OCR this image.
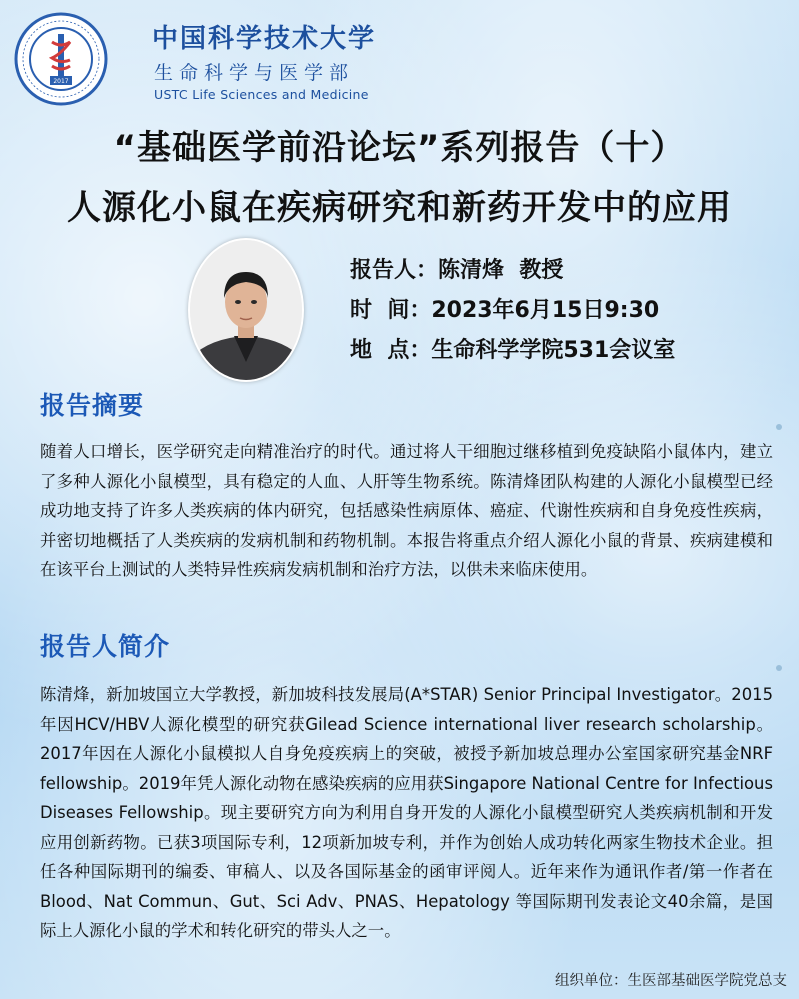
2017
中国科学技术大学
生命科学与医学部
USTC Life Sciences and Medicine
“基础医学前沿论坛”系列报告（十）
人源化小鼠在疾病研究和新药开发中的应用
报告人：陈清烽  教授
时  间：2023年6月15日9:30
地  点：生命科学学院531会议室
报告摘要
随着人口增长，医学研究走向精准治疗的时代。通过将人干细胞过继移植到免疫缺陷小鼠体内，建立了多种人源化小鼠模型，具有稳定的人血、人肝等生物系统。陈清烽团队构建的人源化小鼠模型已经成功地支持了许多人类疾病的体内研究，包括感染性病原体、癌症、代谢性疾病和自身免疫性疾病，并密切地概括了人类疾病的发病机制和药物机制。本报告将重点介绍人源化小鼠的背景、疾病建模和在该平台上测试的人类特异性疾病发病机制和治疗方法，以供未来临床使用。
报告人简介
陈清烽，新加坡国立大学教授，新加坡科技发展局(A*STAR) Senior Principal Investigator。2015年因HCV/HBV人源化模型的研究获Gilead Science international liver research scholarship。2017年因在人源化小鼠模拟人自身免疫疾病上的突破，被授予新加坡总理办公室国家研究基金NRF fellowship。2019年凭人源化动物在感染疾病的应用获Singapore National Centre for Infectious Diseases Fellowship。现主要研究方向为利用自身开发的人源化小鼠模型研究人类疾病机制和开发应用创新药物。已获3项国际专利，12项新加坡专利，并作为创始人成功转化两家生物技术企业。担任各种国际期刊的编委、审稿人、以及各国际基金的函审评阅人。近年来作为通讯作者/第一作者在Blood、Nat Commun、Gut、Sci Adv、PNAS、Hepatology 等国际期刊发表论文40余篇，是国际上人源化小鼠的学术和转化研究的带头人之一。
组织单位：生医部基础医学院党总支
